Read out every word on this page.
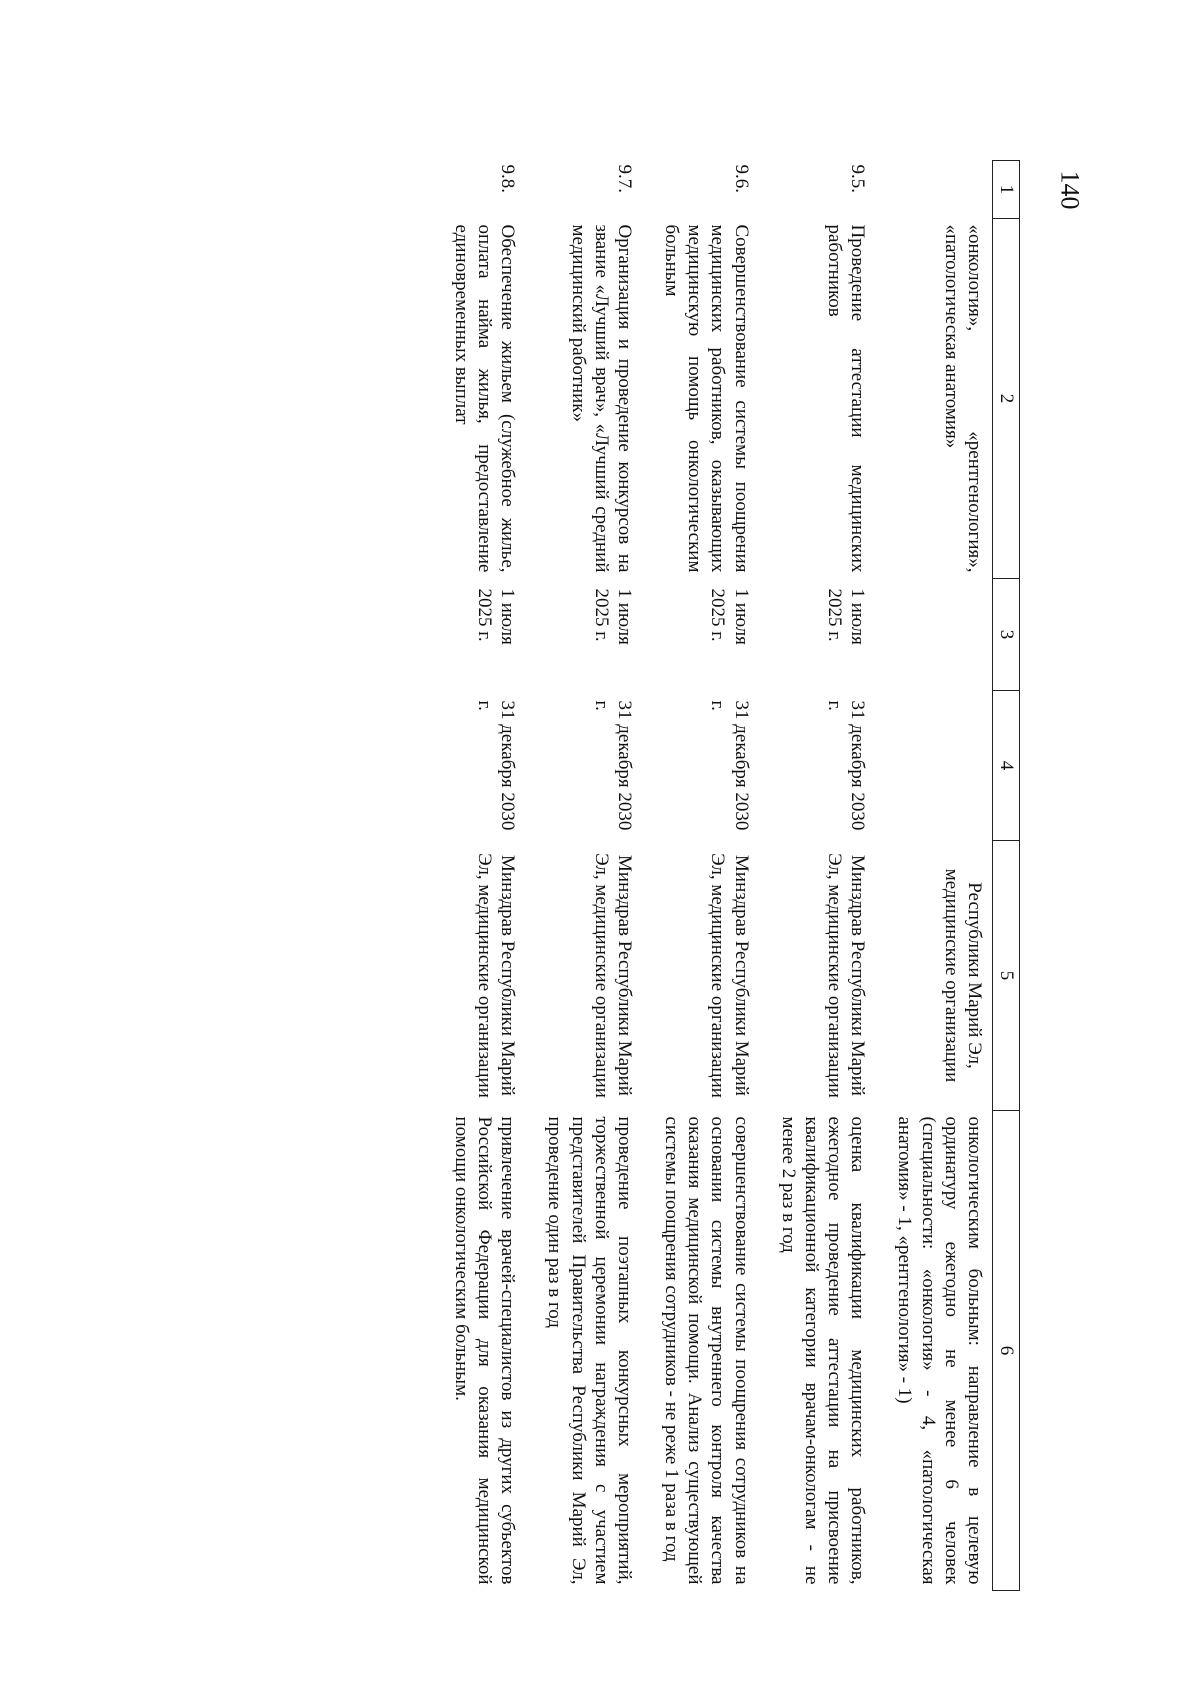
140
1	2	3	4	5	6
	«онкология», «рентгенология», «патологическая анатомия»			Республики Марий Эл, медицинские организации	онкологическим больным: направление в целевую ординатуру ежегодно не менее 6 человек (специальности: «онкология» - 4, «патологическая анатомия» - 1, «рентгенология» - 1)
9.5.	Проведение аттестации медицинских работников	1 июля 2025 г.	31 декабря 2030 г.	Минздрав Республики Марий Эл, медицинские организации	оценка квалификации медицинских работников, ежегодное проведение аттестации на присвоение квалификационной категории врачам-онкологам - не менее 2 раз в год
9.6.	Совершенствование системы поощрения медицинских работников, оказывающих медицинскую помощь онкологическим больным	1 июля 2025 г.	31 декабря 2030 г.	Минздрав Республики Марий Эл, медицинские организации	совершенствование системы поощрения сотрудников на основании системы внутреннего контроля качества оказания медицинской помощи. Анализ существующей системы поощрения сотрудников - не реже 1 раза в год
9.7.	Организация и проведение конкурсов на звание «Лучший врач», «Лучший средний медицинский работник»	1 июля 2025 г.	31 декабря 2030 г.	Минздрав Республики Марий Эл, медицинские организации	проведение поэтапных конкурсных мероприятий, торжественной церемонии награждения с участием представителей Правительства Республики Марий Эл, проведение один раз в год
9.8.	Обеспечение жильем (служебное жилье, оплата найма жилья, предоставление единовременных выплат	1 июля 2025 г.	31 декабря 2030 г.	Минздрав Республики Марий Эл, медицинские организации	привлечение врачей-специалистов из других субъектов Российской Федерации для оказания медицинской помощи онкологическим больным.
